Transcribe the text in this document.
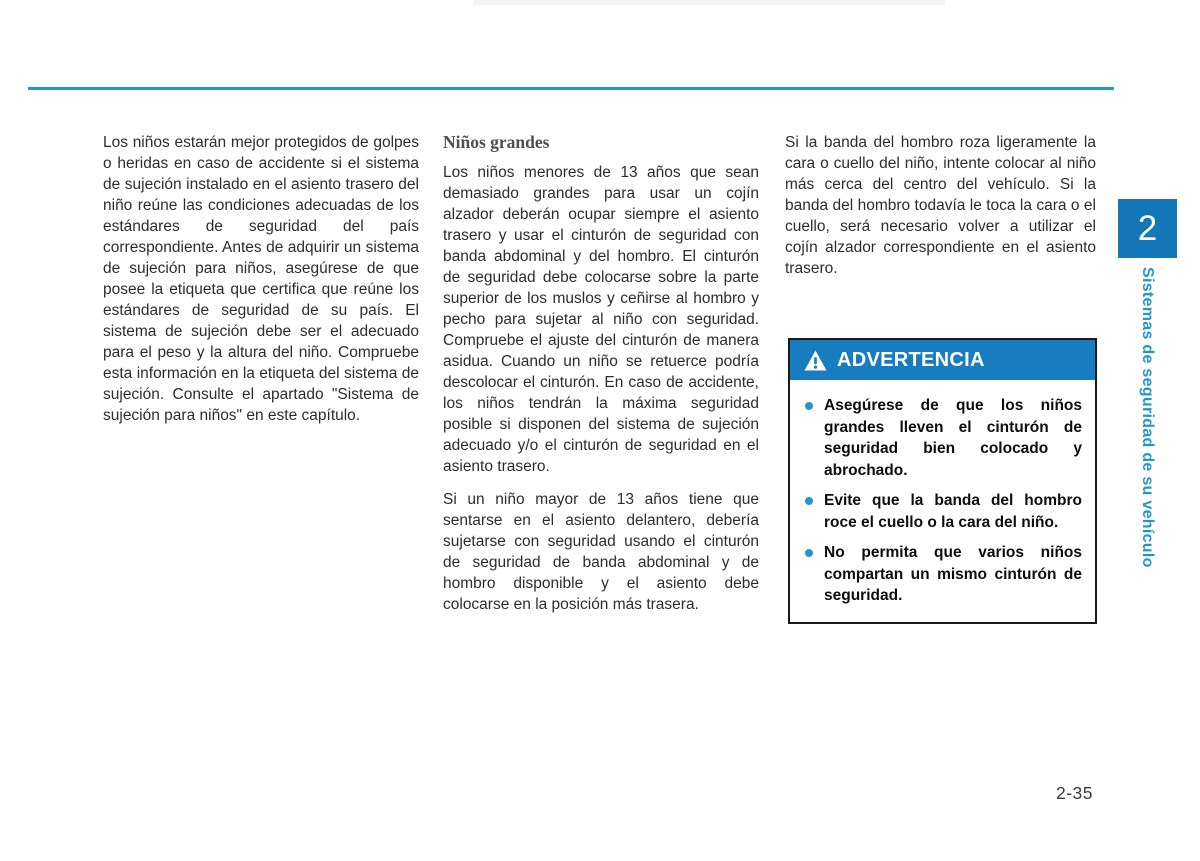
Los niños estarán mejor protegidos de golpes o heridas en caso de accidente si el sistema de sujeción instalado en el asiento trasero del niño reúne las condiciones adecuadas de los estándares de seguridad del país correspondiente. Antes de adquirir un sistema de sujeción para niños, asegúrese de que posee la etiqueta que certifica que reúne los estándares de seguridad de su país. El sistema de sujeción debe ser el adecuado para el peso y la altura del niño. Compruebe esta información en la etiqueta del sistema de sujeción. Consulte el apartado "Sistema de sujeción para niños" en este capítulo.

Niños grandes

Los niños menores de 13 años que sean demasiado grandes para usar un cojín alzador deberán ocupar siempre el asiento trasero y usar el cinturón de seguridad con banda abdominal y del hombro. El cinturón de seguridad debe colocarse sobre la parte superior de los muslos y ceñirse al hombro y pecho para sujetar al niño con seguridad. Compruebe el ajuste del cinturón de manera asidua. Cuando un niño se retuerce podría descolocar el cinturón. En caso de accidente, los niños tendrán la máxima seguridad posible si disponen del sistema de sujeción adecuado y/o el cinturón de seguridad en el asiento trasero.

Si un niño mayor de 13 años tiene que sentarse en el asiento delantero, debería sujetarse con seguridad usando el cinturón de seguridad de banda abdominal y de hombro disponible y el asiento debe colocarse en la posición más trasera.

Si la banda del hombro roza ligeramente la cara o cuello del niño, intente colocar al niño más cerca del centro del vehículo. Si la banda del hombro todavía le toca la cara o el cuello, será necesario volver a utilizar el cojín alzador correspondiente en el asiento trasero.

ADVERTENCIA
Asegúrese de que los niños grandes lleven el cinturón de seguridad bien colocado y abrochado.
Evite que la banda del hombro roce el cuello o la cara del niño.
No permita que varios niños compartan un mismo cinturón de seguridad.
2
Sistemas de seguridad de su vehículo
2-35
